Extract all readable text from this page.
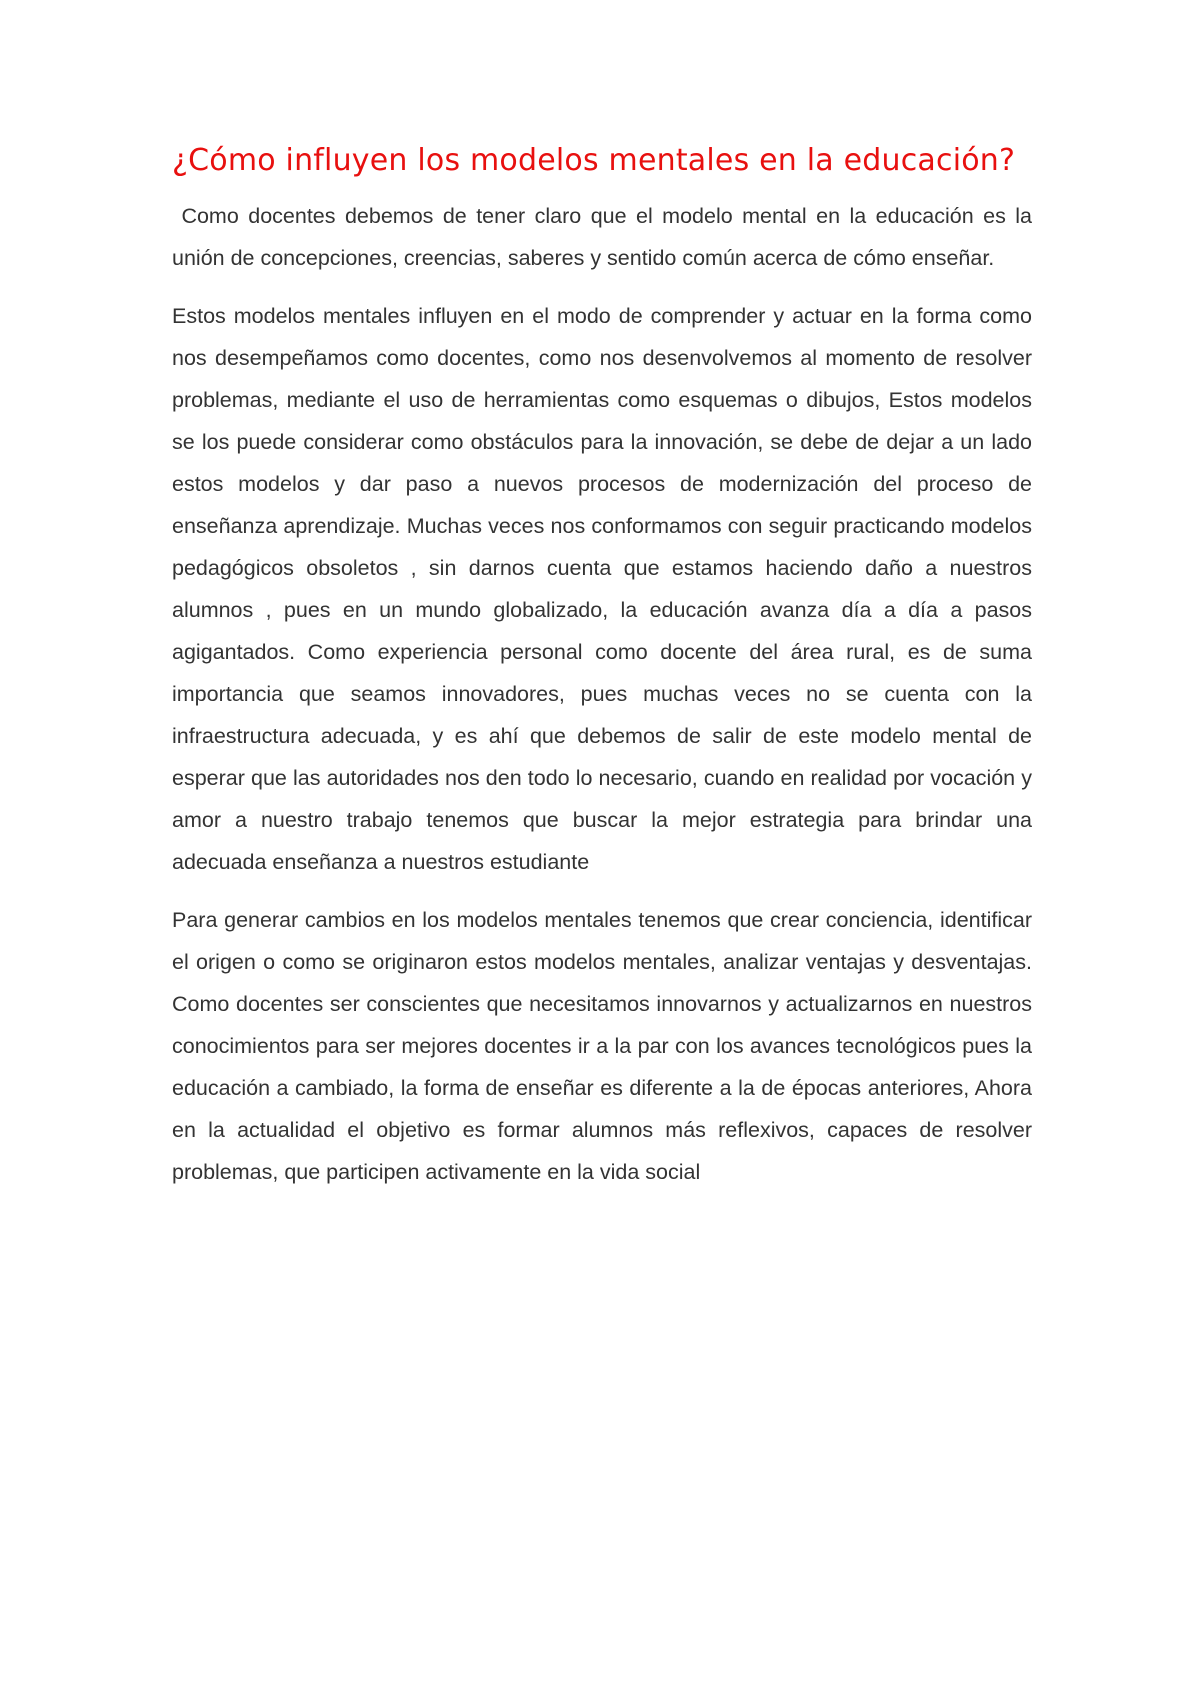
¿Cómo influyen los modelos mentales en la educación?

Como docentes debemos de tener claro que el modelo mental en la educación es la unión de concepciones, creencias, saberes y sentido común acerca de cómo enseñar.

Estos modelos mentales influyen en el modo de comprender y actuar en la forma como nos desempeñamos como docentes, como nos desenvolvemos al momento de resolver problemas, mediante el uso de herramientas como esquemas o dibujos, Estos modelos se los puede considerar como obstáculos para la innovación, se debe de dejar a un lado estos modelos y dar paso a nuevos procesos de modernización del proceso de enseñanza aprendizaje. Muchas veces nos conformamos con seguir practicando modelos pedagógicos obsoletos , sin darnos cuenta que estamos haciendo daño a nuestros alumnos , pues en un mundo globalizado, la educación avanza día a día a pasos agigantados. Como experiencia personal como docente del área rural, es de suma importancia que seamos innovadores, pues muchas veces no se cuenta con la infraestructura adecuada, y es ahí que debemos de salir de este modelo mental de esperar que las autoridades nos den todo lo necesario, cuando en realidad por vocación y amor a nuestro trabajo tenemos que buscar la mejor estrategia para brindar una adecuada enseñanza a nuestros estudiante

Para generar cambios en los modelos mentales tenemos que crear conciencia, identificar el origen o como se originaron estos modelos mentales, analizar ventajas y desventajas. Como docentes ser conscientes que necesitamos innovarnos y actualizarnos en nuestros conocimientos para ser mejores docentes ir a la par con los avances tecnológicos pues la educación a cambiado, la forma de enseñar es diferente a la de épocas anteriores, Ahora en la actualidad el objetivo es formar alumnos más reflexivos, capaces de resolver problemas, que participen activamente en la vida social
